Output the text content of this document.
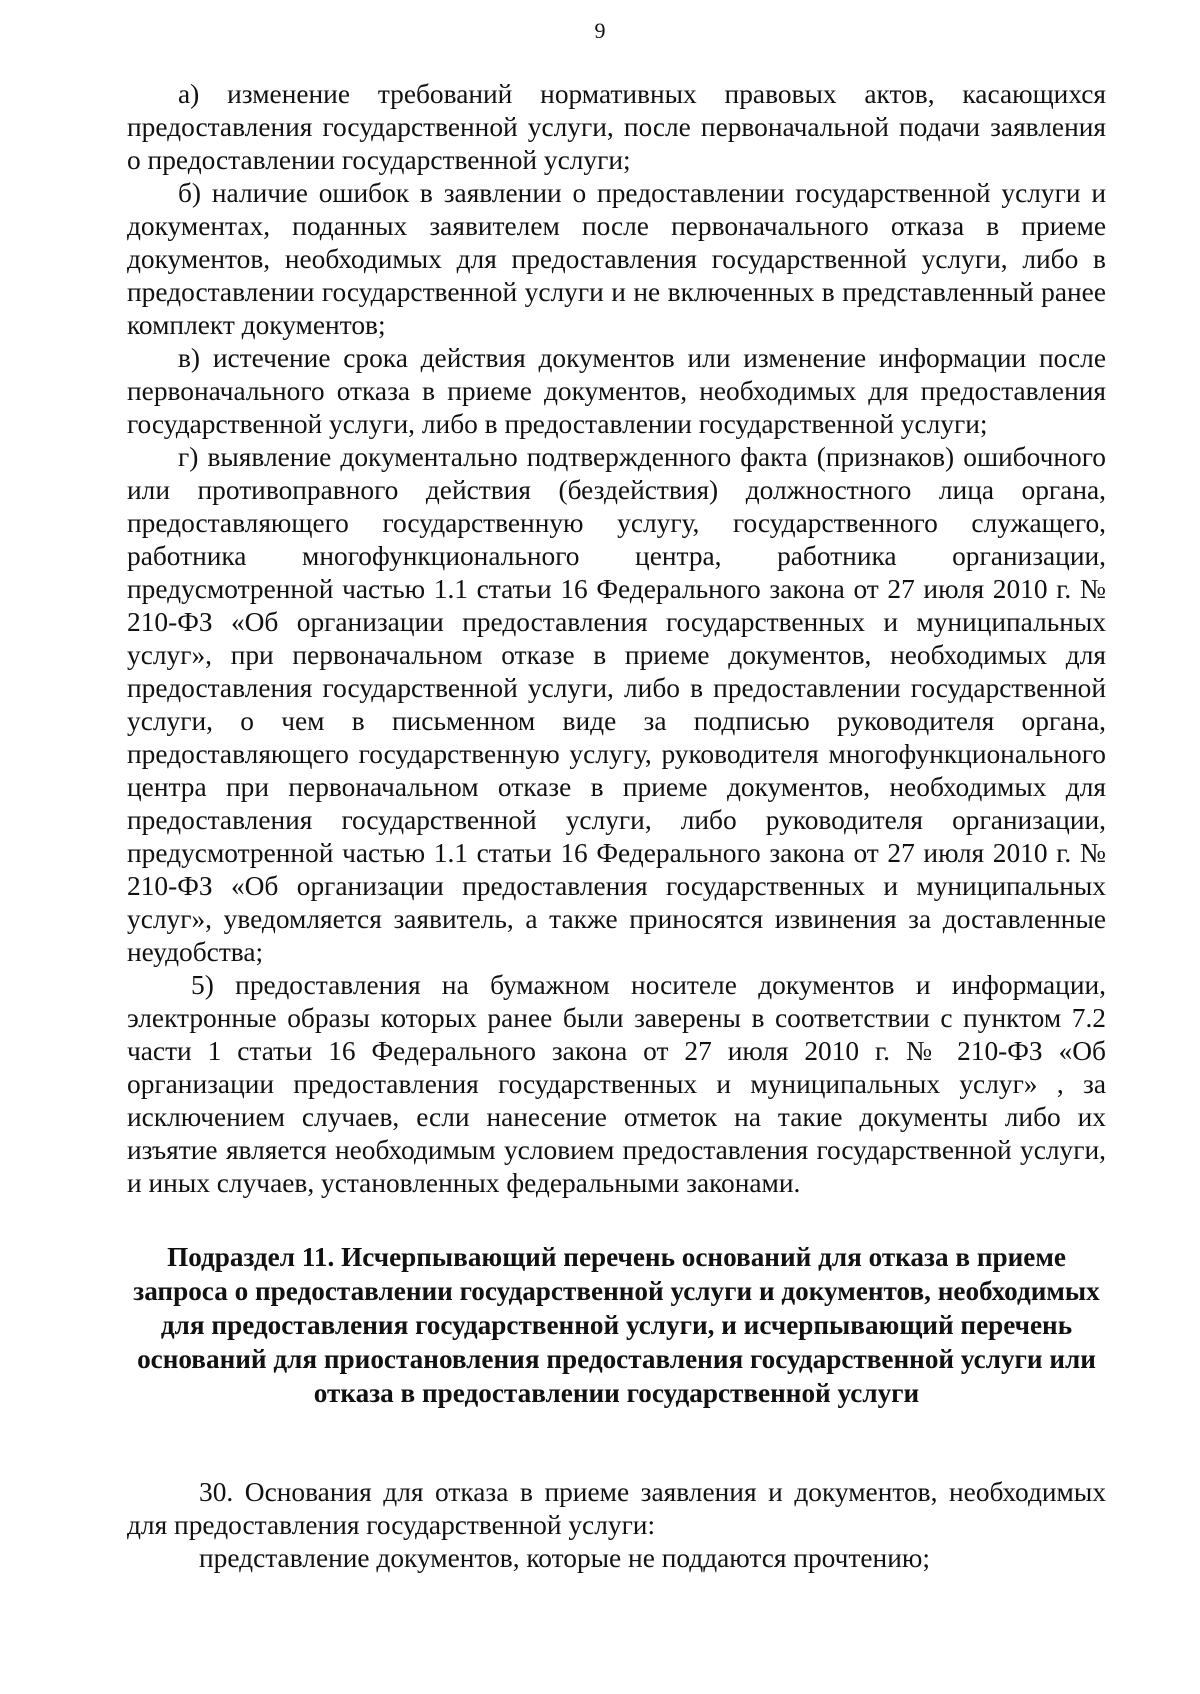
9

а) изменение требований нормативных правовых актов, касающихся предоставления государственной услуги, после первоначальной подачи заявления о предоставлении государственной услуги;

б) наличие ошибок в заявлении о предоставлении государственной услуги и документах, поданных заявителем после первоначального отказа в приеме документов, необходимых для предоставления государственной услуги, либо в предоставлении государственной услуги и не включенных в представленный ранее комплект документов;

в) истечение срока действия документов или изменение информации после первоначального отказа в приеме документов, необходимых для предоставления государственной услуги, либо в предоставлении государственной услуги;

г) выявление документально подтвержденного факта (признаков) ошибочного или противоправного действия (бездействия) должностного лица органа, предоставляющего государственную услугу, государственного служащего, работника многофункционального центра, работника организации, предусмотренной частью 1.1 статьи 16 Федерального закона от 27 июля 2010 г. № 210-ФЗ «Об организации предоставления государственных и муниципальных услуг», при первоначальном отказе в приеме документов, необходимых для предоставления государственной услуги, либо в предоставлении государственной услуги, о чем в письменном виде за подписью руководителя органа, предоставляющего государственную услугу, руководителя многофункционального центра при первоначальном отказе в приеме документов, необходимых для предоставления государственной услуги, либо руководителя организации, предусмотренной частью 1.1 статьи 16 Федерального закона от 27 июля 2010 г. № 210-ФЗ «Об организации предоставления государственных и муниципальных услуг», уведомляется заявитель, а также приносятся извинения за доставленные неудобства;

5) предоставления на бумажном носителе документов и информации, электронные образы которых ранее были заверены в соответствии с пунктом 7.2 части 1 статьи 16 Федерального закона от 27 июля 2010 г. № 210-ФЗ «Об организации предоставления государственных и муниципальных услуг» , за исключением случаев, если нанесение отметок на такие документы либо их изъятие является необходимым условием предоставления государственной услуги, и иных случаев, установленных федеральными законами.

Подраздел 11. Исчерпывающий перечень оснований для отказа в приеме запроса о предоставлении государственной услуги и документов, необходимых для предоставления государственной услуги, и исчерпывающий перечень оснований для приостановления предоставления государственной услуги или отказа в предоставлении государственной услуги

30. Основания для отказа в приеме заявления и документов, необходимых для предоставления государственной услуги:

представление документов, которые не поддаются прочтению;
